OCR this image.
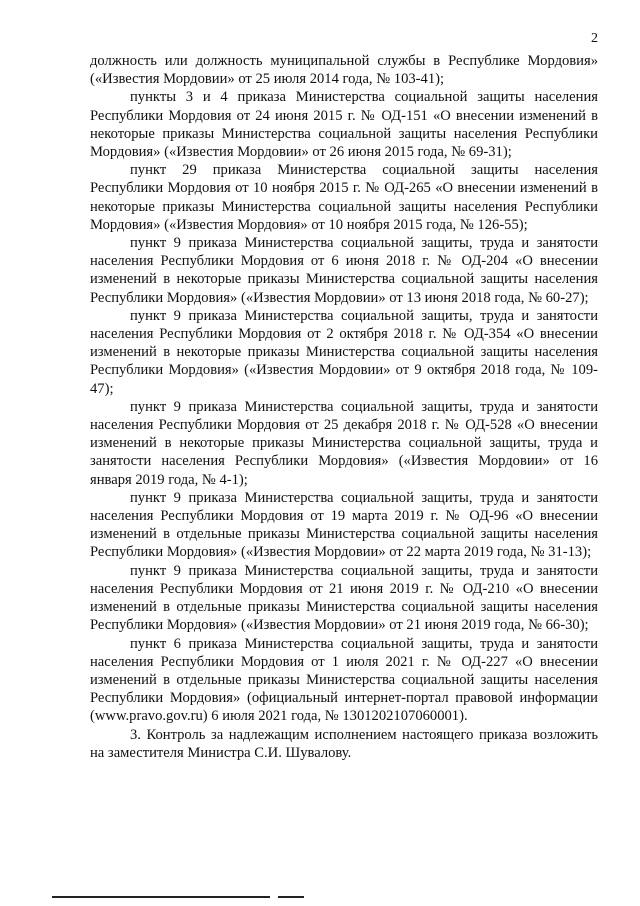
2

должность или должность муниципальной службы в Республике Мордовия» («Известия Мордовии» от 25 июля 2014 года, № 103-41);

пункты 3 и 4 приказа Министерства социальной защиты населения Республики Мордовия от 24 июня 2015 г. № ОД-151 «О внесении изменений в некоторые приказы Министерства социальной защиты населения Республики Мордовия» («Известия Мордовии» от 26 июня 2015 года, № 69-31);

пункт 29 приказа Министерства социальной защиты населения Республики Мордовия от 10 ноября 2015 г. № ОД-265 «О внесении изменений в некоторые приказы Министерства социальной защиты населения Республики Мордовия» («Известия Мордовия» от 10 ноября 2015 года, № 126-55);

пункт 9 приказа Министерства социальной защиты, труда и занятости населения Республики Мордовия от 6 июня 2018 г. № ОД-204 «О внесении изменений в некоторые приказы Министерства социальной защиты населения Республики Мордовия» («Известия Мордовии» от 13 июня 2018 года, № 60-27);

пункт 9 приказа Министерства социальной защиты, труда и занятости населения Республики Мордовия от 2 октября 2018 г. № ОД-354 «О внесении изменений в некоторые приказы Министерства социальной защиты населения Республики Мордовия» («Известия Мордовии» от 9 октября 2018 года, № 109-47);

пункт 9 приказа Министерства социальной защиты, труда и занятости населения Республики Мордовия от 25 декабря 2018 г. № ОД-528 «О внесении изменений в некоторые приказы Министерства социальной защиты, труда и занятости населения Республики Мордовия» («Известия Мордовии» от 16 января 2019 года, № 4-1);

пункт 9 приказа Министерства социальной защиты, труда и занятости населения Республики Мордовия от 19 марта 2019 г. № ОД-96 «О внесении изменений в отдельные приказы Министерства социальной защиты населения Республики Мордовия» («Известия Мордовии» от 22 марта 2019 года, № 31-13);

пункт 9 приказа Министерства социальной защиты, труда и занятости населения Республики Мордовия от 21 июня 2019 г. № ОД-210 «О внесении изменений в отдельные приказы Министерства социальной защиты населения Республики Мордовия» («Известия Мордовии» от 21 июня 2019 года, № 66-30);

пункт 6 приказа Министерства социальной защиты, труда и занятости населения Республики Мордовия от 1 июля 2021 г. № ОД-227 «О внесении изменений в отдельные приказы Министерства социальной защиты населения Республики Мордовия» (официальный интернет-портал правовой информации (www.pravo.gov.ru) 6 июля 2021 года, № 1301202107060001).

3. Контроль за надлежащим исполнением настоящего приказа возложить на заместителя Министра С.И. Шувалову.
